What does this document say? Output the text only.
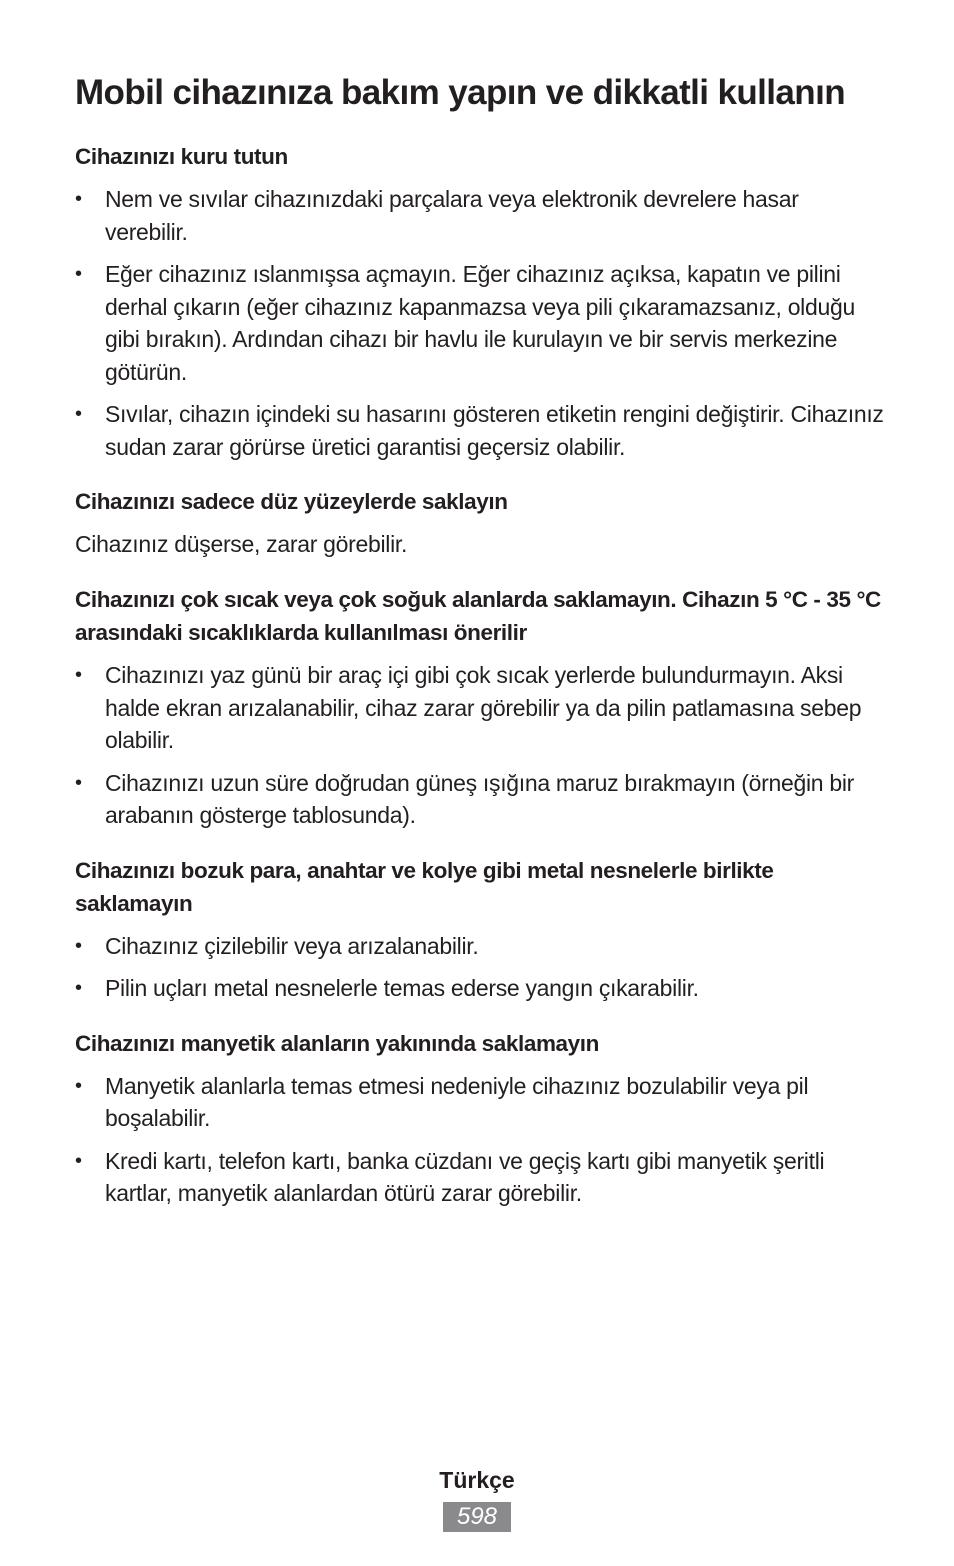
Mobil cihazınıza bakım yapın ve dikkatli kullanın
Cihazınızı kuru tutun
• Nem ve sıvılar cihazınızdaki parçalara veya elektronik devrelere hasar verebilir.
• Eğer cihazınız ıslanmışsa açmayın. Eğer cihazınız açıksa, kapatın ve pilini derhal çıkarın (eğer cihazınız kapanmazsa veya pili çıkaramazsanız, olduğu gibi bırakın). Ardından cihazı bir havlu ile kurulayın ve bir servis merkezine götürün.
• Sıvılar, cihazın içindeki su hasarını gösteren etiketin rengini değiştirir. Cihazınız sudan zarar görürse üretici garantisi geçersiz olabilir.
Cihazınızı sadece düz yüzeylerde saklayın

Cihazınız düşerse, zarar görebilir.

Cihazınızı çok sıcak veya çok soğuk alanlarda saklamayın. Cihazın 5 °C - 35 °C arasındaki sıcaklıklarda kullanılması önerilir
• Cihazınızı yaz günü bir araç içi gibi çok sıcak yerlerde bulundurmayın. Aksi halde ekran arızalanabilir, cihaz zarar görebilir ya da pilin patlamasına sebep olabilir.
• Cihazınızı uzun süre doğrudan güneş ışığına maruz bırakmayın (örneğin bir arabanın gösterge tablosunda).
Cihazınızı bozuk para, anahtar ve kolye gibi metal nesnelerle birlikte saklamayın
• Cihazınız çizilebilir veya arızalanabilir.
• Pilin uçları metal nesnelerle temas ederse yangın çıkarabilir.
Cihazınızı manyetik alanların yakınında saklamayın
• Manyetik alanlarla temas etmesi nedeniyle cihazınız bozulabilir veya pil boşalabilir.
• Kredi kartı, telefon kartı, banka cüzdanı ve geçiş kartı gibi manyetik şeritli kartlar, manyetik alanlardan ötürü zarar görebilir.
Türkçe
598
